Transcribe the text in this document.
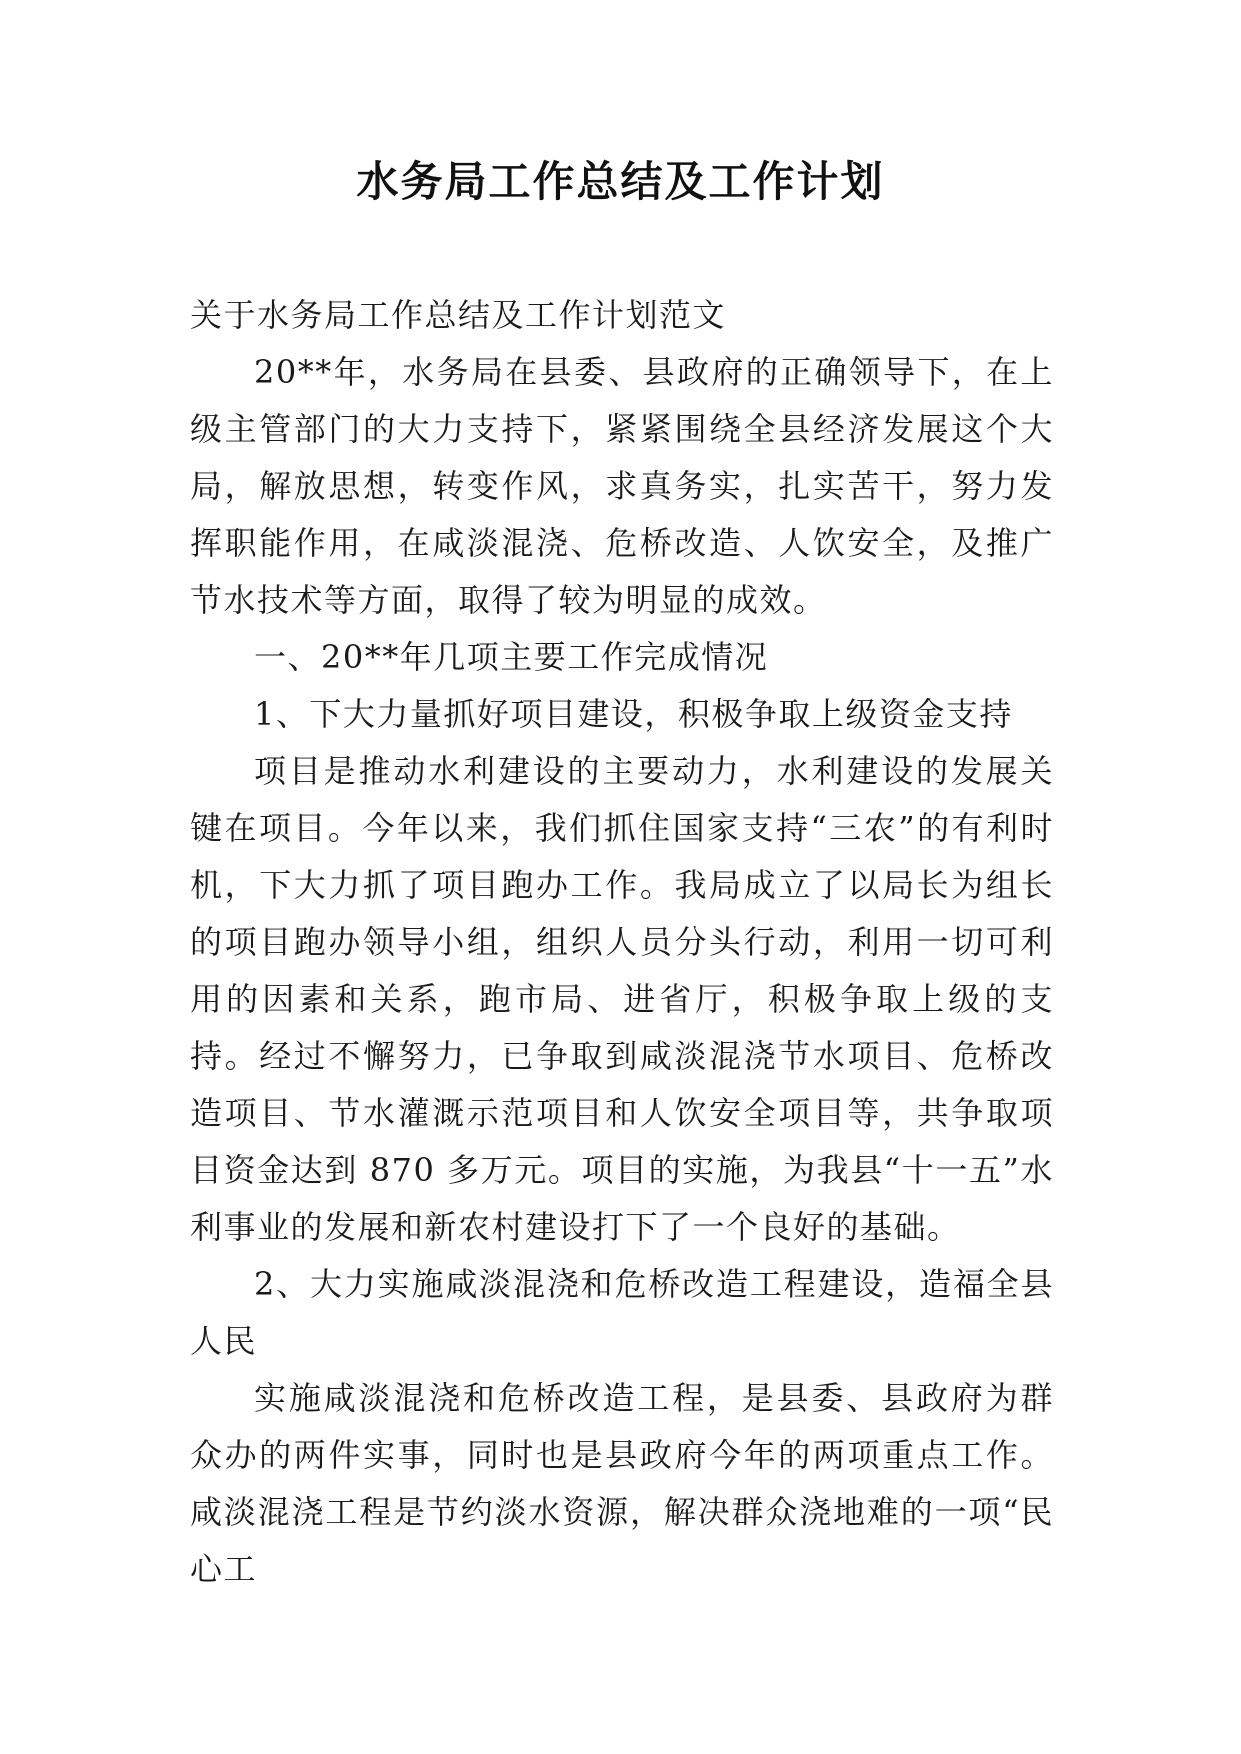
水务局工作总结及工作计划

关于水务局工作总结及工作计划范文

20**年，水务局在县委、县政府的正确领导下，在上级主管部门的大力支持下，紧紧围绕全县经济发展这个大局，解放思想，转变作风，求真务实，扎实苦干，努力发挥职能作用，在咸淡混浇、危桥改造、人饮安全，及推广节水技术等方面，取得了较为明显的成效。

一、20**年几项主要工作完成情况

1、下大力量抓好项目建设，积极争取上级资金支持

项目是推动水利建设的主要动力，水利建设的发展关键在项目。今年以来，我们抓住国家支持“三农”的有利时机，下大力抓了项目跑办工作。我局成立了以局长为组长的项目跑办领导小组，组织人员分头行动，利用一切可利用的因素和关系，跑市局、进省厅，积极争取上级的支持。经过不懈努力，已争取到咸淡混浇节水项目、危桥改造项目、节水灌溉示范项目和人饮安全项目等，共争取项目资金达到 870 多万元。项目的实施，为我县“十一五”水利事业的发展和新农村建设打下了一个良好的基础。

2、大力实施咸淡混浇和危桥改造工程建设，造福全县人民

实施咸淡混浇和危桥改造工程，是县委、县政府为群众办的两件实事，同时也是县政府今年的两项重点工作。咸淡混浇工程是节约淡水资源，解决群众浇地难的一项“民心工
